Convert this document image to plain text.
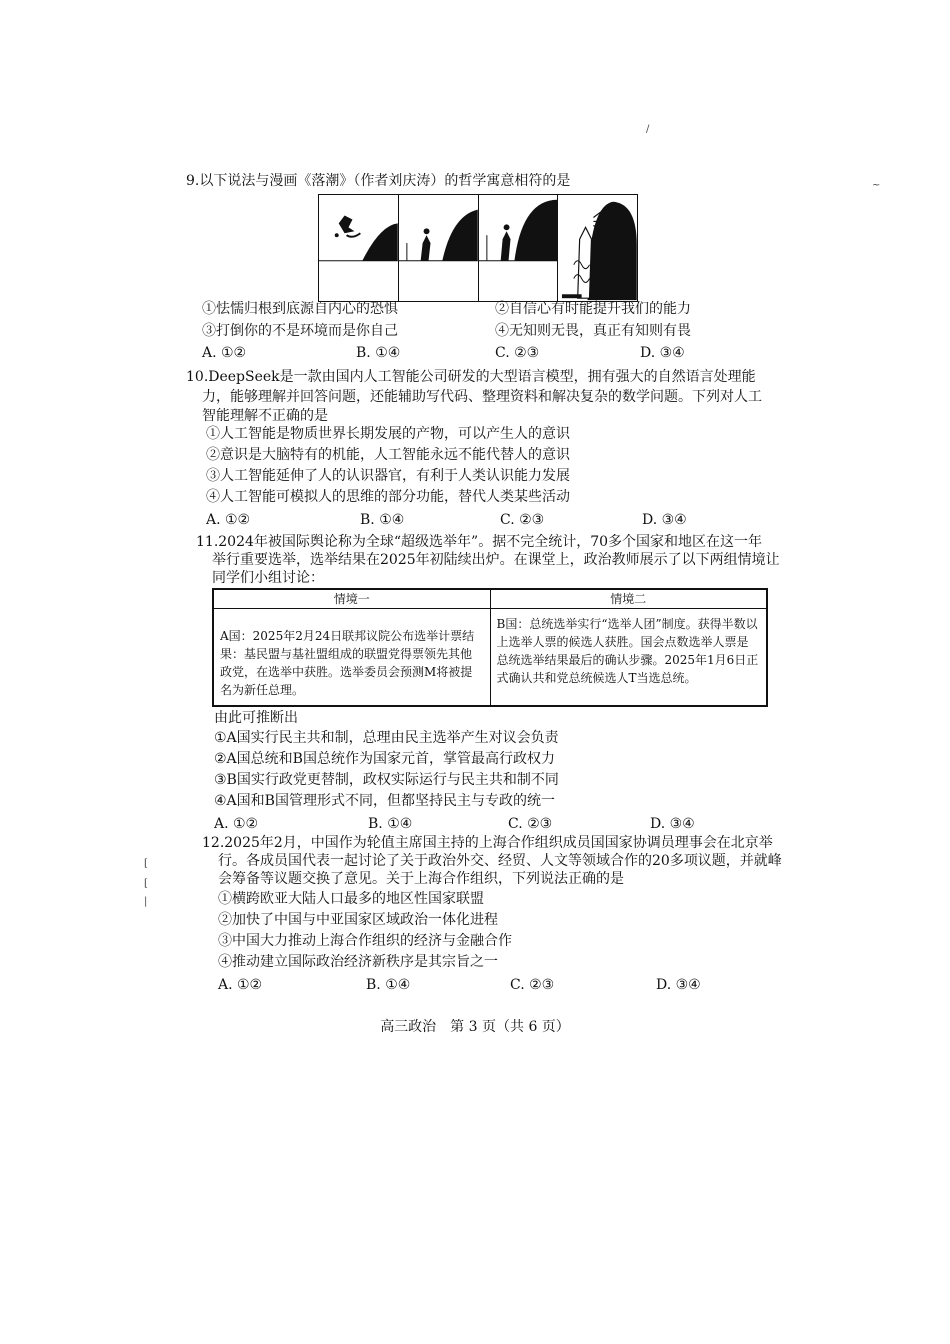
/
~
9.以下说法与漫画《落潮》（作者刘庆涛）的哲学寓意相符的是
①怯懦归根到底源自内心的恐惧	②自信心有时能提升我们的能力
③打倒你的不是环境而是你自己	④无知则无畏，真正有知则有畏
A. ①②	B. ①④	C. ②③	D. ③④
10.DeepSeek是一款由国内人工智能公司研发的大型语言模型，拥有强大的自然语言处理能
力，能够理解并回答问题，还能辅助写代码、整理资料和解决复杂的数学问题。下列对人工
智能理解不正确的是
①人工智能是物质世界长期发展的产物，可以产生人的意识
②意识是大脑特有的机能，人工智能永远不能代替人的意识
③人工智能延伸了人的认识器官，有利于人类认识能力发展
④人工智能可模拟人的思维的部分功能，替代人类某些活动
A. ①②	B. ①④	C. ②③	D. ③④
11.2024年被国际舆论称为全球“超级选举年”。据不完全统计，70多个国家和地区在这一年
举行重要选举，选举结果在2025年初陆续出炉。在课堂上，政治教师展示了以下两组情境让
同学们小组讨论：
情境一	情境二
A国：2025年2月24日联邦议院公布选举计票结果：基民盟与基社盟组成的联盟党得票领先其他政党，在选举中获胜。选举委员会预测M将被提名为新任总理。	B国：总统选举实行“选举人团”制度。获得半数以上选举人票的候选人获胜。国会点数选举人票是总统选举结果最后的确认步骤。2025年1月6日正式确认共和党总统候选人T当选总统。
由此可推断出
①A国实行民主共和制，总理由民主选举产生对议会负责
②A国总统和B国总统作为国家元首，掌管最高行政权力
③B国实行政党更替制，政权实际运行与民主共和制不同
④A国和B国管理形式不同，但都坚持民主与专政的统一
A. ①②	B. ①④	C. ②③	D. ③④
12.2025年2月，中国作为轮值主席国主持的上海合作组织成员国国家协调员理事会在北京举
行。各成员国代表一起讨论了关于政治外交、经贸、人文等领域合作的20多项议题，并就峰
会筹备等议题交换了意见。关于上海合作组织，下列说法正确的是
①横跨欧亚大陆人口最多的地区性国家联盟
②加快了中国与中亚国家区域政治一体化进程
③中国大力推动上海合作组织的经济与金融合作
④推动建立国际政治经济新秩序是其宗旨之一
A. ①②	B. ①④	C. ②③	D. ③④
[
[
|
高三政治　第 3 页（共 6 页）
